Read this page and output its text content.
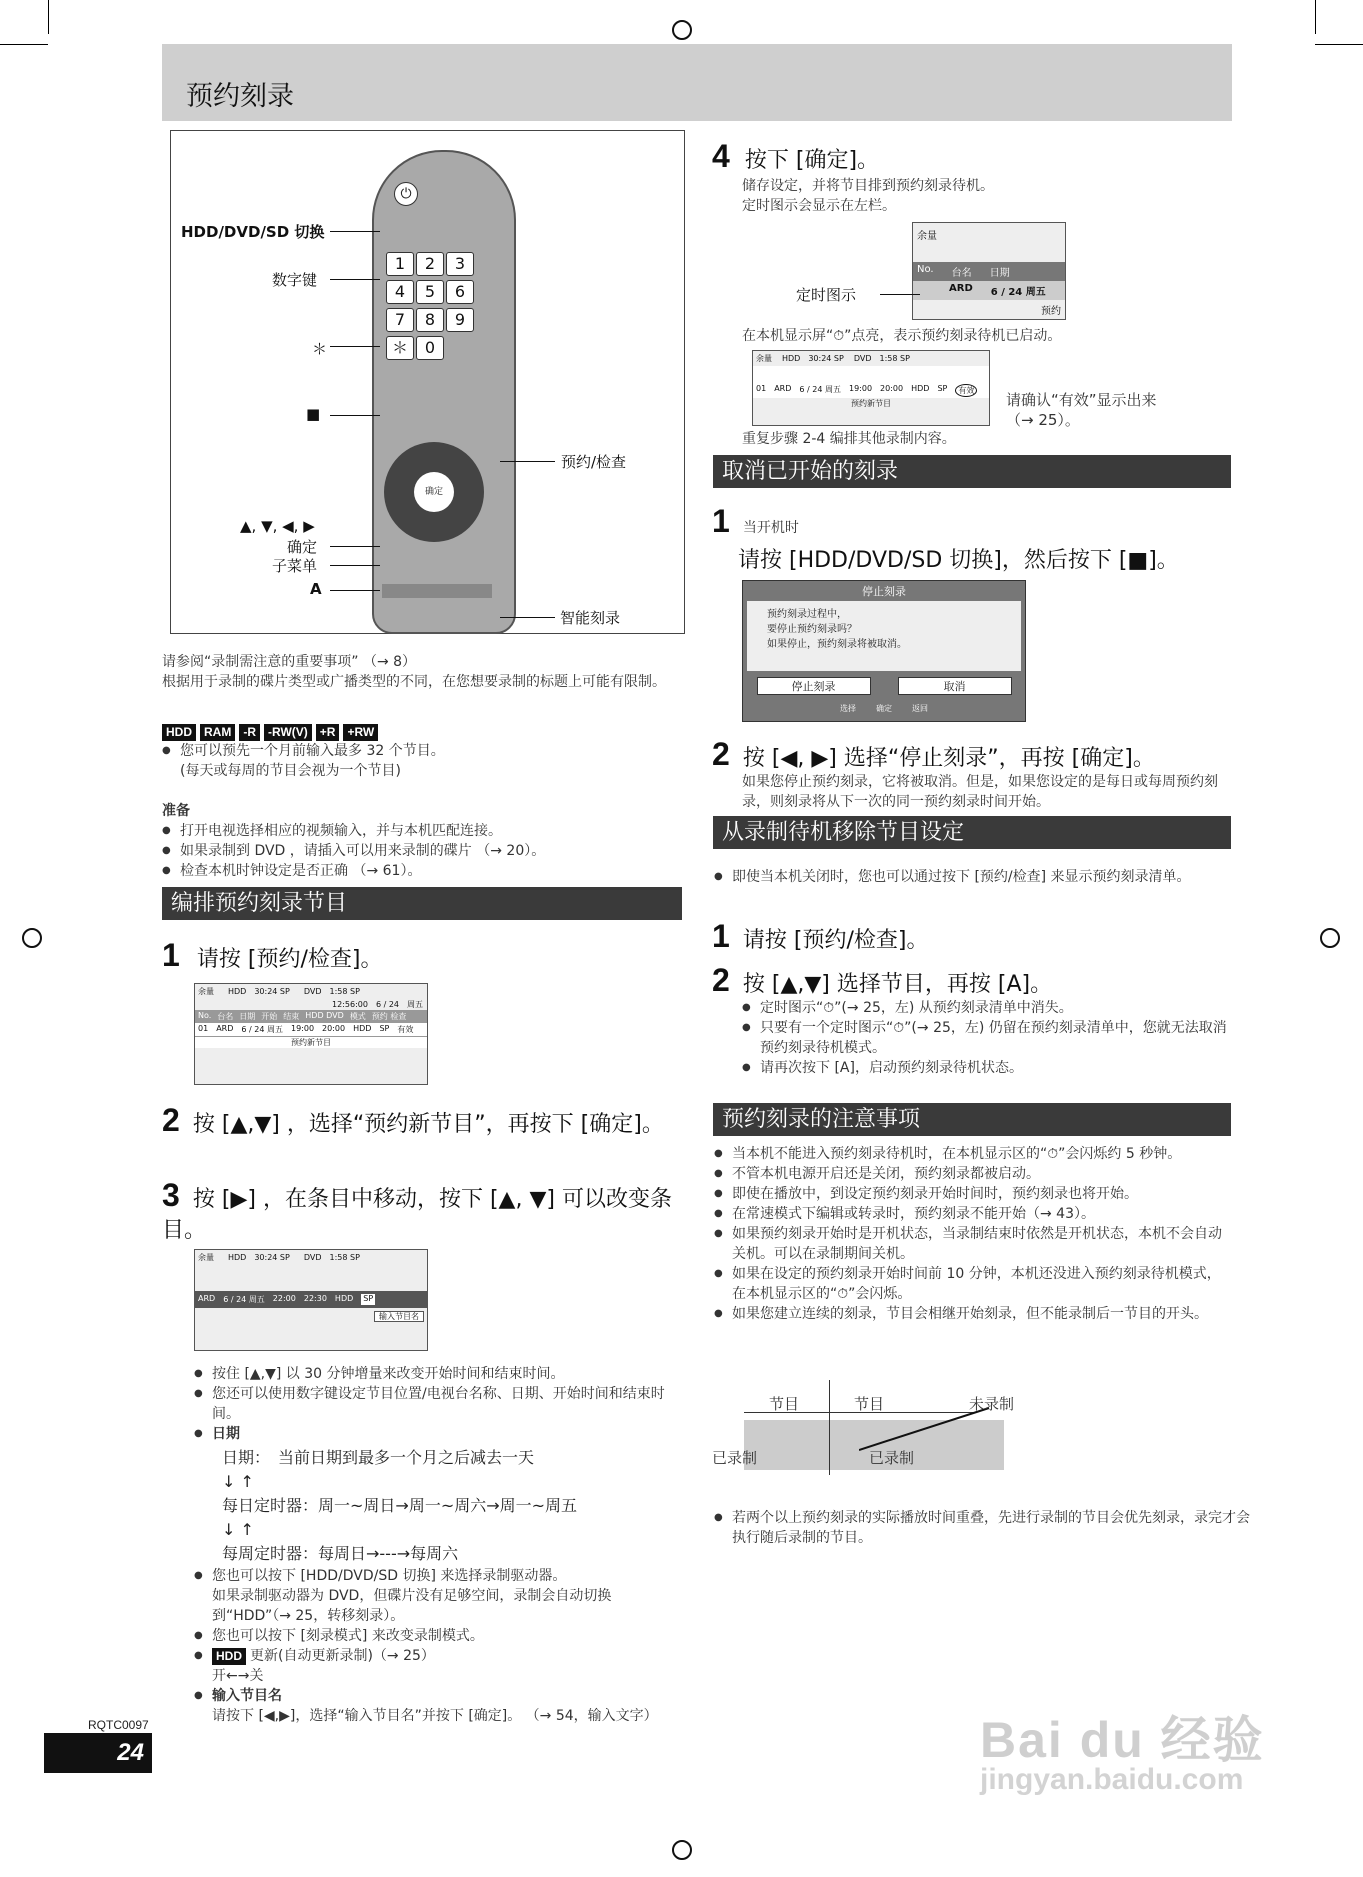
预约刻录
⏻
1	2	3
4	5	6
7	8	9
＊	0
确定
HDD/DVD/SD 切换
数字键
＊
■
预约/检查
▲, ▼, ◀, ▶
确定
子菜单
A
智能刻录
请参阅“录制需注意的重要事项” （→ 8）
根据用于录制的碟片类型或广播类型的不同，在您想要录制的标题上可能有限制。
HDD RAM -R -RW(V) +R +RW
● 您可以预先一个月前输入最多 32 个节目。
(每天或每周的节目会视为一个节目)
准备
● 打开电视选择相应的视频输入，并与本机匹配连接。
● 如果录制到 DVD ，请插入可以用来录制的碟片 （→ 20）。
● 检查本机时钟设定是否正确 （→ 61）。
编排预约刻录节目
1 请按 [预约/检查]。
余量 HDD　30:24 SP DVD　1:58 SP
12:56:00　6 / 24　周五
No. 台名 日期 开始 结束 HDD DVD 模式 预约 检查
01 ARD 6 / 24 周五 19:00 20:00 HDD SP 有效
预约新节目
2 按 [▲,▼] ，选择“预约新节目”，再按下 [确定]。
3 按 [▶] ，在条目中移动，按下 [▲, ▼] 可以改变条目。
余量 HDD　30:24 SP DVD　1:58 SP
ARD 6 / 24 周五 22:00 22:30 HDD SP
输入节目名
● 按住 [▲,▼] 以 30 分钟增量来改变开始时间和结束时间。
● 您还可以使用数字键设定节目位置/电视台名称、日期、开始时间和结束时间。
● 日期
日期：　当前日期到最多一个月之后减去一天
↓ ↑
每日定时器：周一~周日→周一~周六→周一~周五
↓ ↑
每周定时器：每周日→---→每周六
● 您也可以按下 [HDD/DVD/SD 切换] 来选择录制驱动器。
如果录制驱动器为 DVD，但碟片没有足够空间，录制会自动切换到“HDD”（→ 25，转移刻录）。
● 您也可以按下 [刻录模式] 来改变录制模式。
● HDD 更新(自动更新录制)（→ 25）
开←→关
● 输入节目名
请按下 [◀,▶]，选择“输入节目名”并按下 [确定]。 （→ 54，输入文字）
4 按下 [确定]。
储存设定，并将节目排到预约刻录待机。
定时图示会显示在左栏。
余量
No. 台名 日期
ARD 6 / 24 周五
预约
定时图示
在本机显示屏“⏱”点亮，表示预约刻录待机已启动。
余量 HDD　30:24 SP DVD　1:58 SP
01 ARD 6 / 24 周五 19:00 20:00 HDD SP	有效
预约新节目	请确认“有效”显示出来（→ 25）。
重复步骤 2-4 编排其他录制内容。
取消已开始的刻录
1 当开机时
请按 [HDD/DVD/SD 切换]，然后按下 [■]。
停止刻录
预约刻录过程中，
要停止预约刻录吗？
如果停止，预约刻录将被取消。
停止刻录	取消
选择	确定	返回
2 按 [◀, ▶] 选择“停止刻录”，再按 [确定]。
如果您停止预约刻录，它将被取消。但是，如果您设定的是每日或每周预约刻录，则刻录将从下一次的同一预约刻录时间开始。
从录制待机移除节目设定
● 即使当本机关闭时，您也可以通过按下 [预约/检查] 来显示预约刻录清单。
1 请按 [预约/检查]。
2 按 [▲,▼] 选择节目，再按 [A]。
● 定时图示“⏱”(→ 25，左) 从预约刻录清单中消失。
● 只要有一个定时图示“⏱”(→ 25，左) 仍留在预约刻录清单中，您就无法取消预约刻录待机模式。
● 请再次按下 [A]，启动预约刻录待机状态。
预约刻录的注意事项
● 当本机不能进入预约刻录待机时，在本机显示区的“⏱”会闪烁约 5 秒钟。
● 不管本机电源开启还是关闭，预约刻录都被启动。
● 即使在播放中，到设定预约刻录开始时间时，预约刻录也将开始。
● 在常速模式下编辑或转录时，预约刻录不能开始（→ 43）。
● 如果预约刻录开始时是开机状态，当录制结束时依然是开机状态，本机不会自动关机。可以在录制期间关机。
● 如果在设定的预约刻录开始时间前 10 分钟，本机还没进入预约刻录待机模式，在本机显示区的“⏱”会闪烁。
● 如果您建立连续的刻录，节目会相继开始刻录，但不能录制后一节目的开头。
节目	节目	未录制
已录制	已录制
● 若两个以上预约刻录的实际播放时间重叠，先进行录制的节目会优先刻录，录完才会执行随后录制的节目。
RQTC0097
24	Bai du 经验
jingyan.baidu.com
